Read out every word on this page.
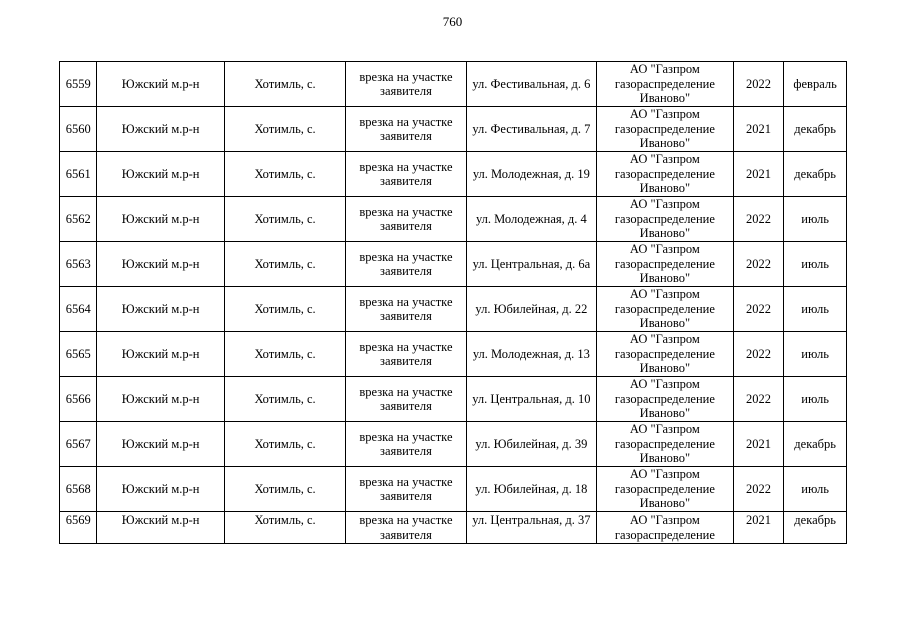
760
6559	Южский м.р-н	Хотимль, с.	врезка на участке заявителя	ул. Фестивальная, д. 6	АО "Газпром газораспределение Иваново"	2022	февраль

6560	Южский м.р-н	Хотимль, с.	врезка на участке заявителя	ул. Фестивальная, д. 7	АО "Газпром газораспределение Иваново"	2021	декабрь

6561	Южский м.р-н	Хотимль, с.	врезка на участке заявителя	ул. Молодежная, д. 19	АО "Газпром газораспределение Иваново"	2021	декабрь

6562	Южский м.р-н	Хотимль, с.	врезка на участке заявителя	ул. Молодежная, д. 4	АО "Газпром газораспределение Иваново"	2022	июль

6563	Южский м.р-н	Хотимль, с.	врезка на участке заявителя	ул. Центральная, д. 6а	АО "Газпром газораспределение Иваново"	2022	июль

6564	Южский м.р-н	Хотимль, с.	врезка на участке заявителя	ул. Юбилейная, д. 22	АО "Газпром газораспределение Иваново"	2022	июль

6565	Южский м.р-н	Хотимль, с.	врезка на участке заявителя	ул. Молодежная, д. 13	АО "Газпром газораспределение Иваново"	2022	июль

6566	Южский м.р-н	Хотимль, с.	врезка на участке заявителя	ул. Центральная, д. 10	АО "Газпром газораспределение Иваново"	2022	июль

6567	Южский м.р-н	Хотимль, с.	врезка на участке заявителя	ул. Юбилейная, д. 39	АО "Газпром газораспределение Иваново"	2021	декабрь

6568	Южский м.р-н	Хотимль, с.	врезка на участке заявителя	ул. Юбилейная, д. 18	АО "Газпром газораспределение Иваново"	2022	июль

6569	Южский м.р-н	Хотимль, с.	врезка на участке заявителя	ул. Центральная, д. 37	АО "Газпром газораспределение	2021	декабрь
